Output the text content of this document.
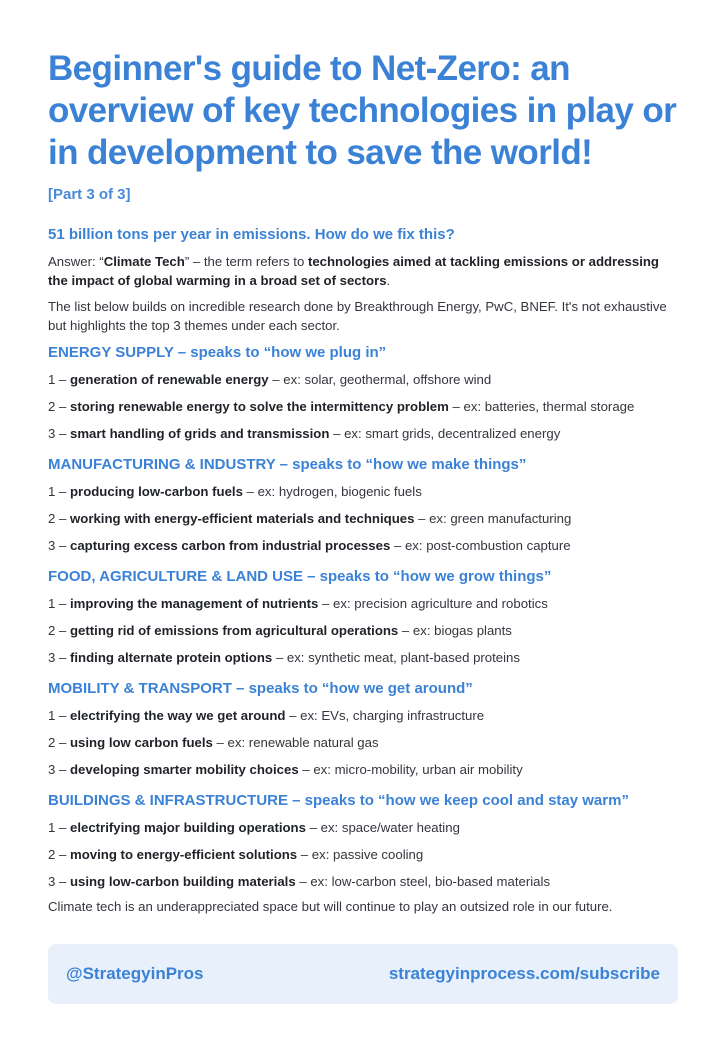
Beginner's guide to Net-Zero: an overview of key technologies in play or in development to save the world!
[Part 3 of 3]
51 billion tons per year in emissions. How do we fix this?
Answer: “Climate Tech” – the term refers to technologies aimed at tackling emissions or addressing the impact of global warming in a broad set of sectors.
The list below builds on incredible research done by Breakthrough Energy, PwC, BNEF. It's not exhaustive but highlights the top 3 themes under each sector.
ENERGY SUPPLY – speaks to “how we plug in”
1 – generation of renewable energy – ex: solar, geothermal, offshore wind
2 – storing renewable energy to solve the intermittency problem – ex: batteries, thermal storage
3 – smart handling of grids and transmission – ex: smart grids, decentralized energy
MANUFACTURING & INDUSTRY – speaks to “how we make things”
1 – producing low-carbon fuels – ex: hydrogen, biogenic fuels
2 – working with energy-efficient materials and techniques – ex: green manufacturing
3 – capturing excess carbon from industrial processes – ex: post-combustion capture
FOOD, AGRICULTURE & LAND USE – speaks to “how we grow things”
1 – improving the management of nutrients – ex: precision agriculture and robotics
2 – getting rid of emissions from agricultural operations – ex: biogas plants
3 – finding alternate protein options – ex: synthetic meat, plant-based proteins
MOBILITY & TRANSPORT – speaks to “how we get around”
1 – electrifying the way we get around – ex: EVs, charging infrastructure
2 – using low carbon fuels – ex: renewable natural gas
3 – developing smarter mobility choices – ex: micro-mobility, urban air mobility
BUILDINGS & INFRASTRUCTURE – speaks to “how we keep cool and stay warm”
1 – electrifying major building operations – ex: space/water heating
2 – moving to energy-efficient solutions – ex: passive cooling
3 – using low-carbon building materials – ex: low-carbon steel, bio-based materials
Climate tech is an underappreciated space but will continue to play an outsized role in our future.
@StrategyinPros	strategyinprocess.com/subscribe
